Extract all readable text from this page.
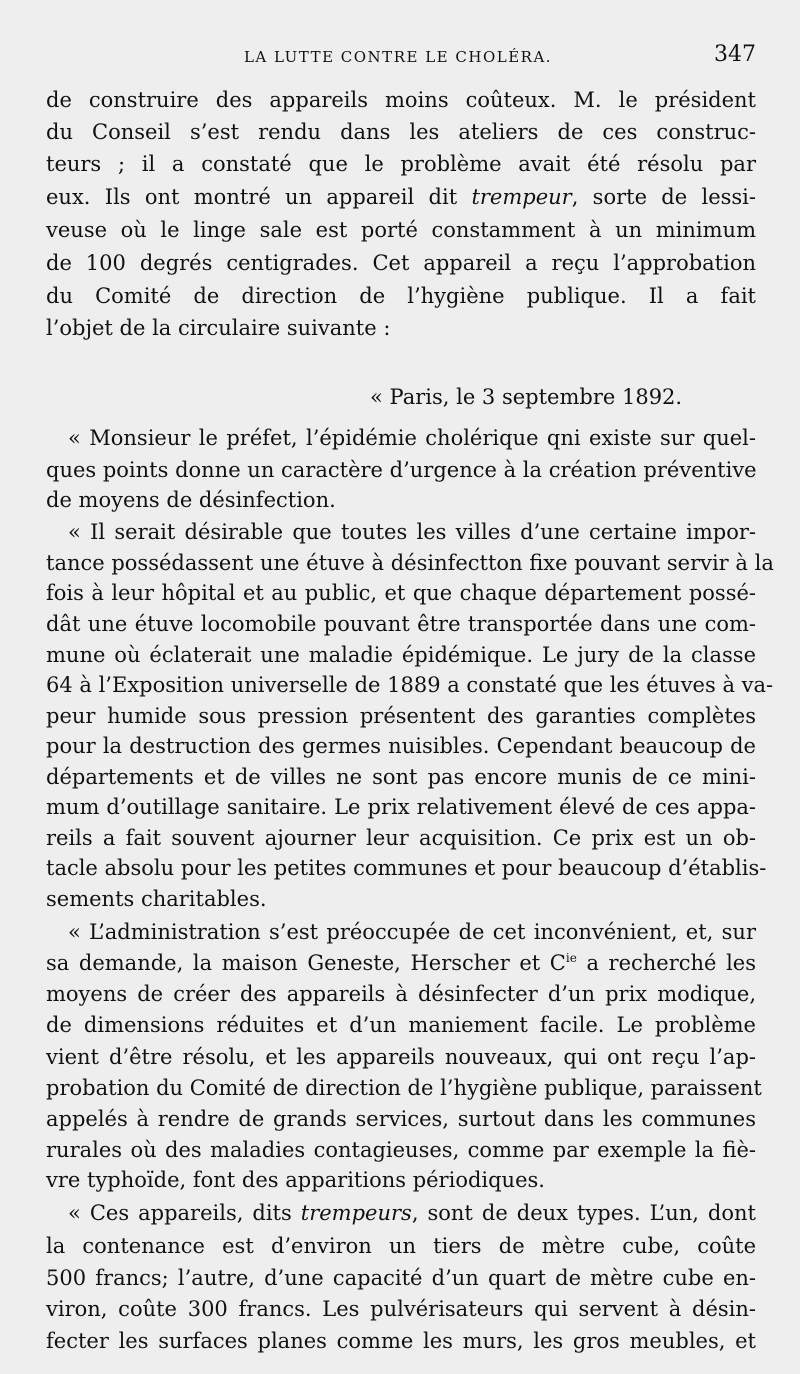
LA LUTTE CONTRE LE CHOLÉRA.	347
de construire des appareils moins coûteux. M. le président
du Conseil s’est rendu dans les ateliers de ces construc-
teurs ; il a constaté que le problème avait été résolu par
eux. Ils ont montré un appareil dit trempeur, sorte de lessi-
veuse où le linge sale est porté constamment à un minimum
de 100 degrés centigrades. Cet appareil a reçu l’approbation
du Comité de direction de l’hygiène publique. Il a fait
l’objet de la circulaire suivante :
« Paris, le 3 septembre 1892.
« Monsieur le préfet, l’épidémie cholérique qni existe sur quel-
ques points donne un caractère d’urgence à la création préventive
de moyens de désinfection.
« Il serait désirable que toutes les villes d’une certaine impor-
tance possédassent une étuve à désinfectton fixe pouvant servir à la
fois à leur hôpital et au public, et que chaque département possé-
dât une étuve locomobile pouvant être transportée dans une com-
mune où éclaterait une maladie épidémique. Le jury de la classe
64 à l’Exposition universelle de 1889 a constaté que les étuves à va-
peur humide sous pression présentent des garanties complètes
pour la destruction des germes nuisibles. Cependant beaucoup de
départements et de villes ne sont pas encore munis de ce mini-
mum d’outillage sanitaire. Le prix relativement élevé de ces appa-
reils a fait souvent ajourner leur acquisition. Ce prix est un ob-
tacle absolu pour les petites communes et pour beaucoup d’établis-
sements charitables.
« L’administration s’est préoccupée de cet inconvénient, et, sur
sa demande, la maison Geneste, Herscher et $C^{ie}$ a recherché les
moyens de créer des appareils à désinfecter d’un prix modique,
de dimensions réduites et d’un maniement facile. Le problème
vient d’être résolu, et les appareils nouveaux, qui ont reçu l’ap-
probation du Comité de direction de l’hygiène publique, paraissent
appelés à rendre de grands services, surtout dans les communes
rurales où des maladies contagieuses, comme par exemple la fiè-
vre typhoïde, font des apparitions périodiques.
« Ces appareils, dits trempeurs, sont de deux types. L’un, dont
la contenance est d’environ un tiers de mètre cube, coûte
500 francs; l’autre, d’une capacité d’un quart de mètre cube en-
viron, coûte 300 francs. Les pulvérisateurs qui servent à désin-
fecter les surfaces planes comme les murs, les gros meubles, et
